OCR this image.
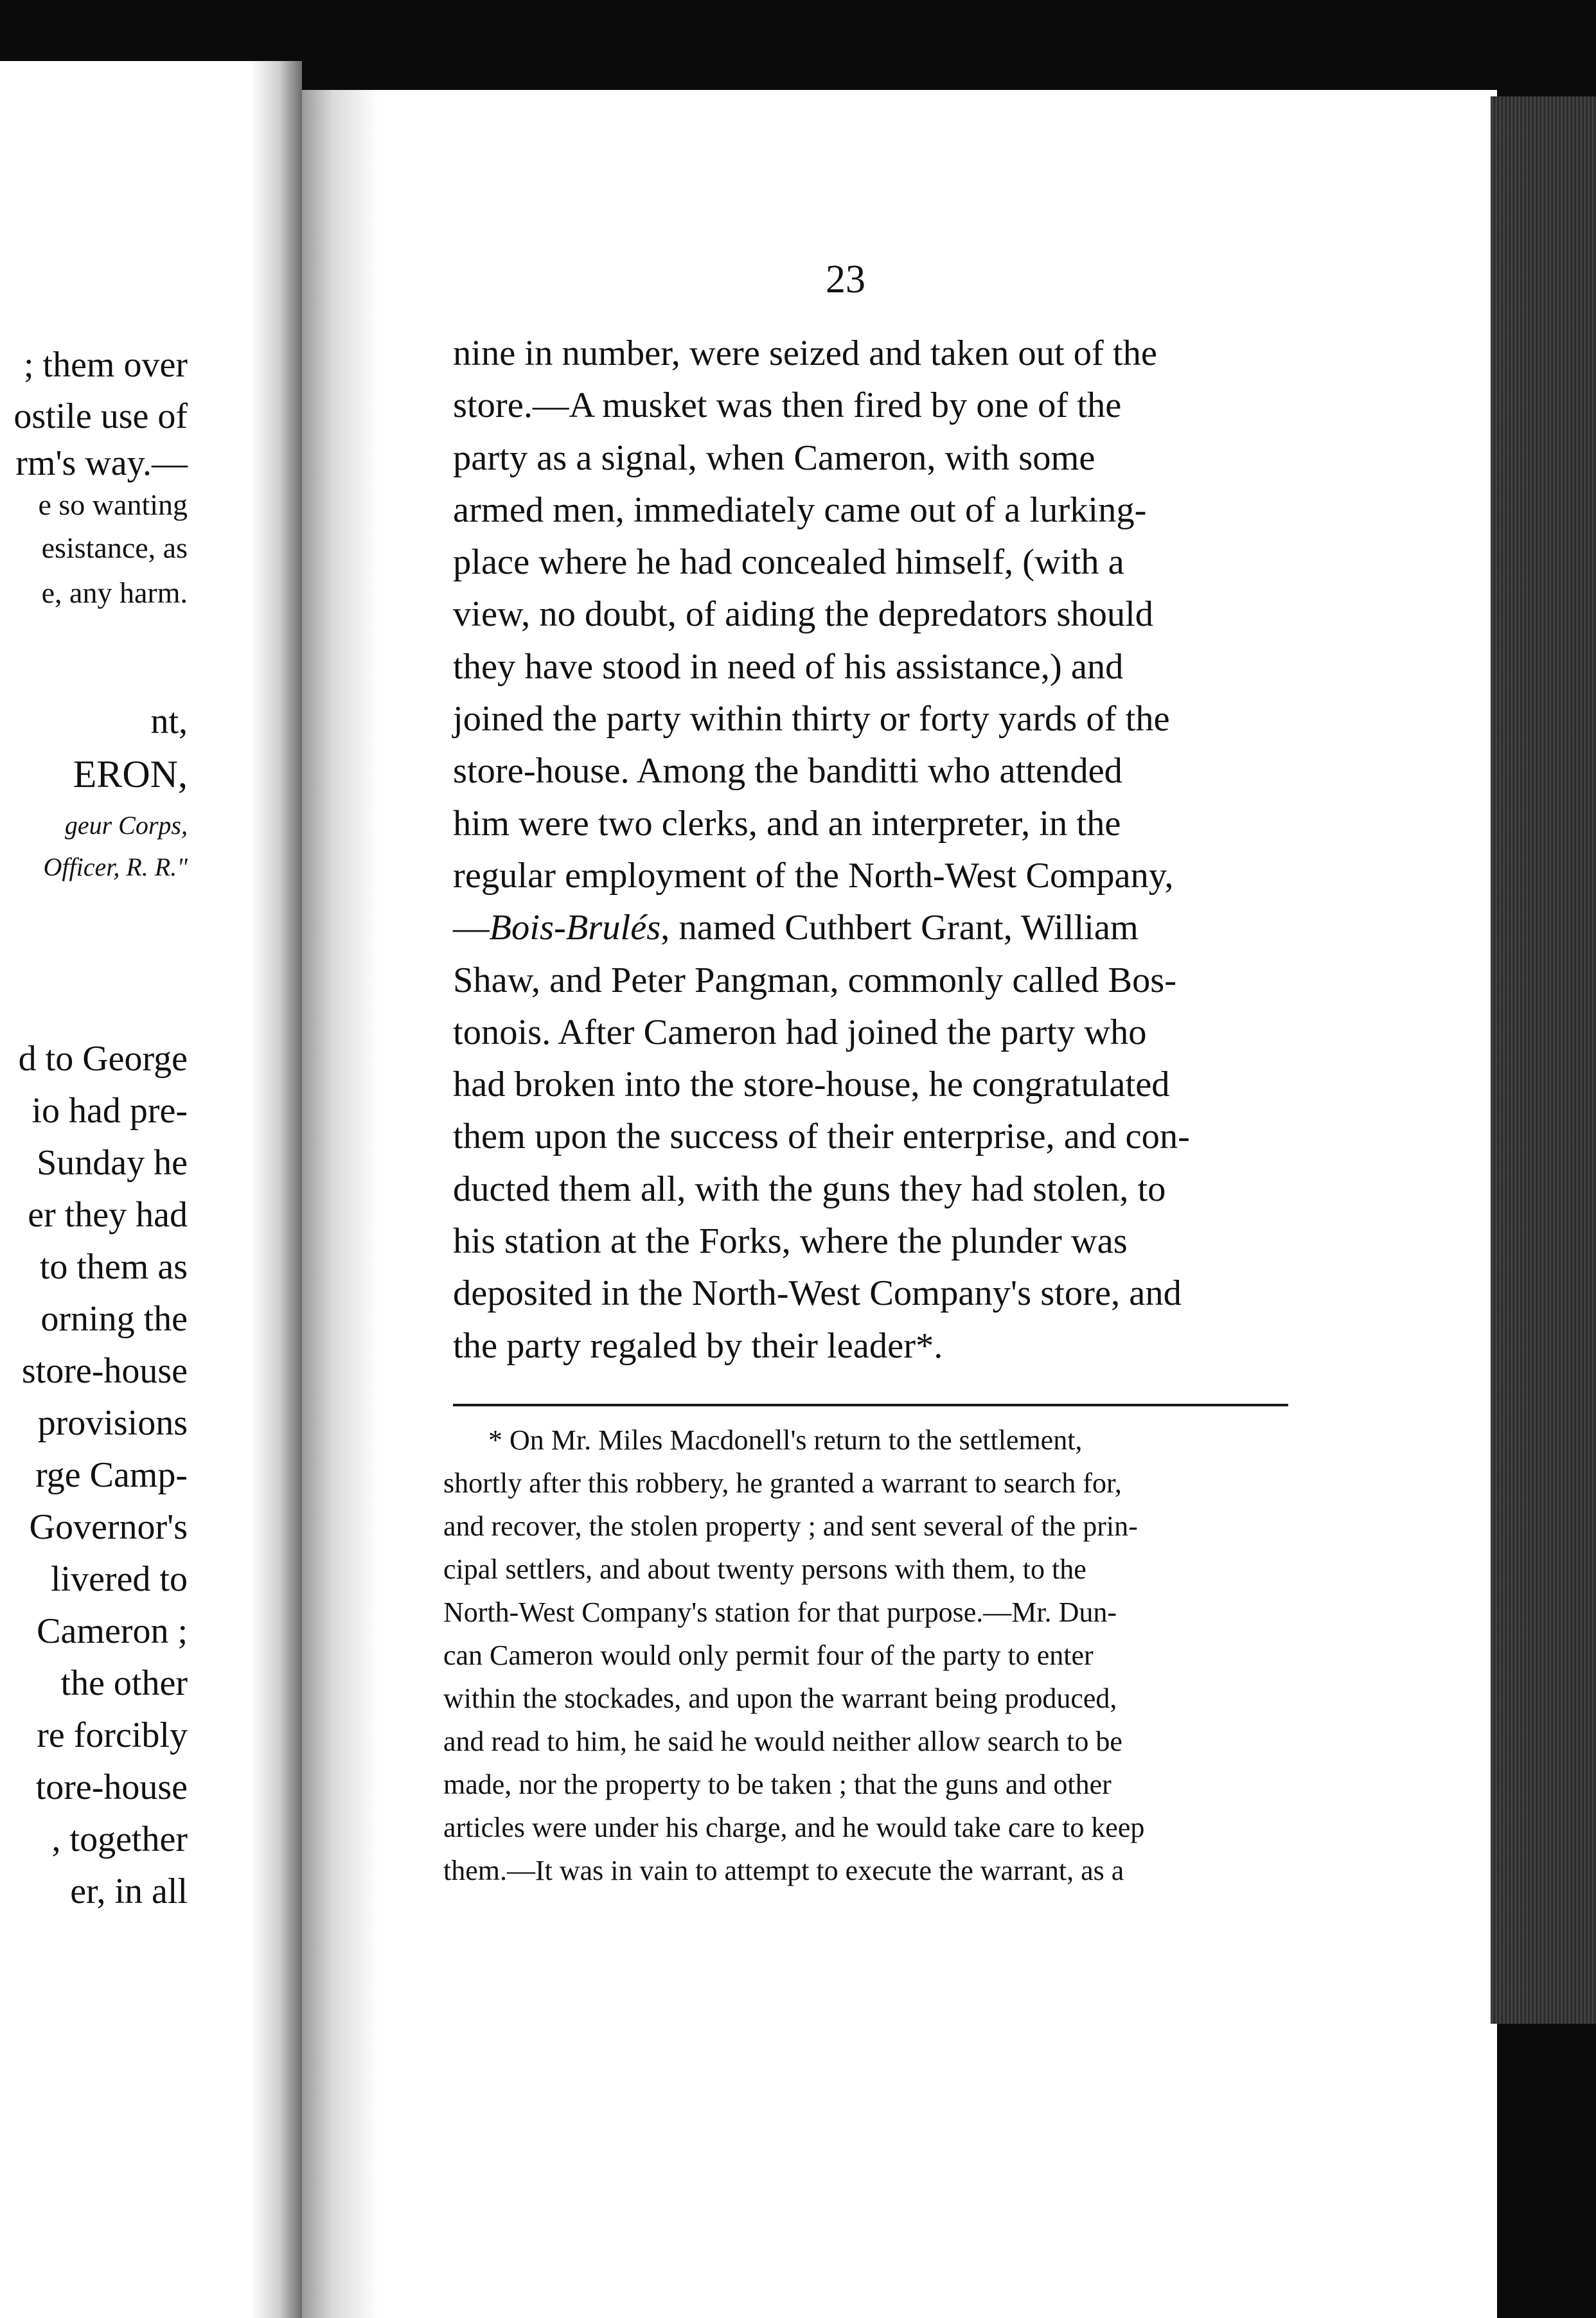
; them over
ostile use of
rm's way.—
e so wanting
esistance, as
e, any harm.
nt,
ERON,
geur Corps,
Officer, R. R."
d to George
io had pre-
Sunday he
er they had
to them as
orning the
store-house
provisions
rge Camp-
Governor's
livered to
Cameron ;
the other
re forcibly
tore-house
, together
er, in all
23
nine in number, were seized and taken out of the
store.—A musket was then fired by one of the
party as a signal, when Cameron, with some
armed men, immediately came out of a lurking-
place where he had concealed himself, (with a
view, no doubt, of aiding the depredators should
they have stood in need of his assistance,) and
joined the party within thirty or forty yards of the
store-house. Among the banditti who attended
him were two clerks, and an interpreter, in the
regular employment of the North-West Company,
—Bois-Brulés, named Cuthbert Grant, William
Shaw, and Peter Pangman, commonly called Bos-
tonois. After Cameron had joined the party who
had broken into the store-house, he congratulated
them upon the success of their enterprise, and con-
ducted them all, with the guns they had stolen, to
his station at the Forks, where the plunder was
deposited in the North-West Company's store, and
the party regaled by their leader*.
* On Mr. Miles Macdonell's return to the settlement,
shortly after this robbery, he granted a warrant to search for,
and recover, the stolen property ; and sent several of the prin-
cipal settlers, and about twenty persons with them, to the
North-West Company's station for that purpose.—Mr. Dun-
can Cameron would only permit four of the party to enter
within the stockades, and upon the warrant being produced,
and read to him, he said he would neither allow search to be
made, nor the property to be taken ; that the guns and other
articles were under his charge, and he would take care to keep
them.—It was in vain to attempt to execute the warrant, as a
